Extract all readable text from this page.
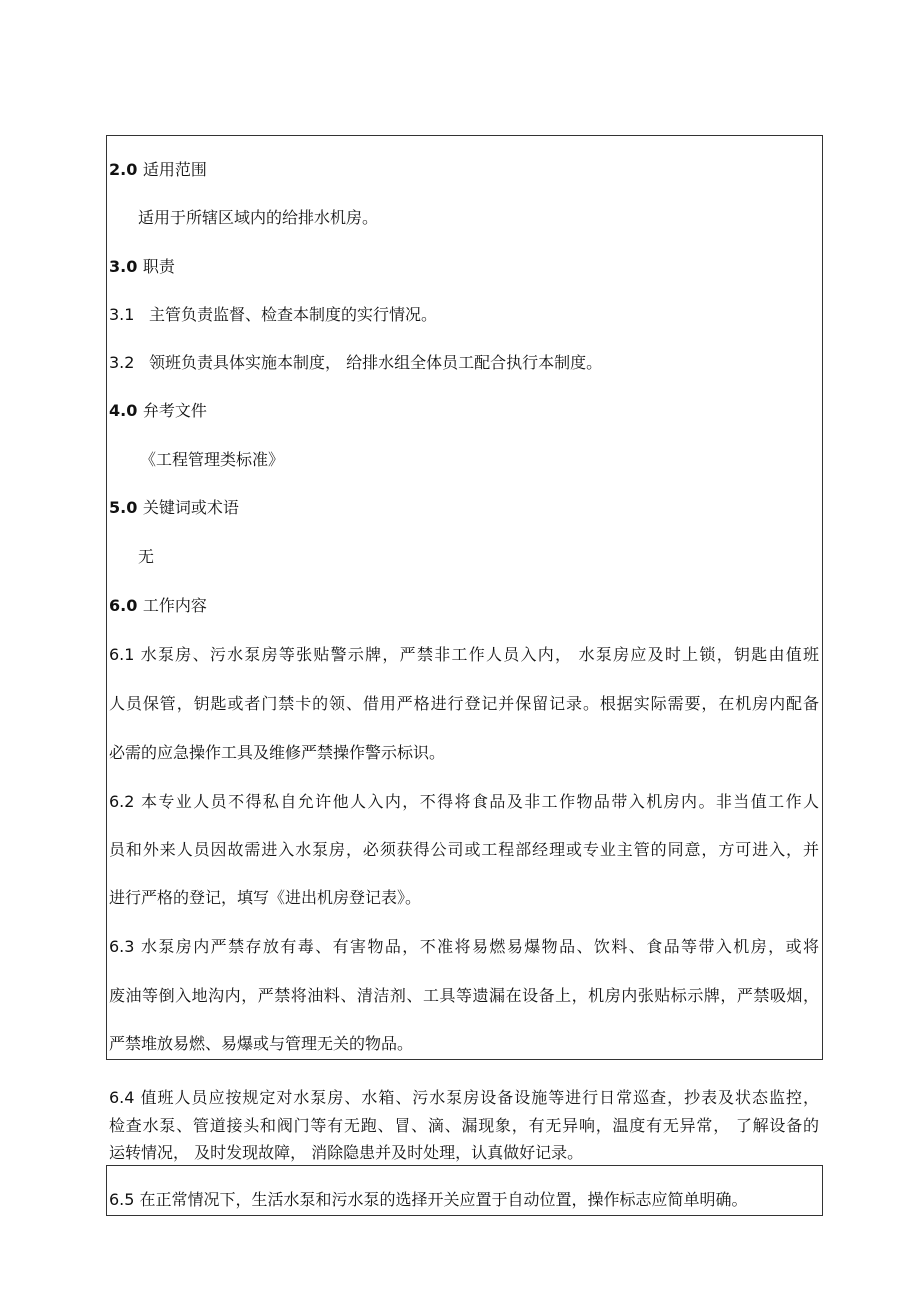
2.0 适用范围
适用于所辖区域内的给排水机房。
3.0 职责
3.1 主管负责监督、检查本制度的实行情况。
3.2 领班负责具体实施本制度， 给排水组全体员工配合执行本制度。
4.0 弁考文件
《工程管理类标准》
5.0 关键词或术语
无
6.0 工作内容
6.1 水泵房、污水泵房等张贴警示牌，严禁非工作人员入内， 水泵房应及时上锁，钥匙由值班
人员保管，钥匙或者门禁卡的领、借用严格进行登记并保留记录。根据实际需要，在机房内配备
必需的应急操作工具及维修严禁操作警示标识。
6.2 本专业人员不得私自允许他人入内，不得将食品及非工作物品带入机房内。非当值工作人
员和外来人员因故需进入水泵房，必须获得公司或工程部经理或专业主管的同意，方可进入，并
进行严格的登记，填写《进出机房登记表》。
6.3 水泵房内严禁存放有毒、有害物品，不准将易燃易爆物品、饮料、食品等带入机房，或将
废油等倒入地沟内，严禁将油料、清洁剂、工具等遗漏在设备上，机房内张贴标示牌，严禁吸烟，
严禁堆放易燃、易爆或与管理无关的物品。
6.4 值班人员应按规定对水泵房、水箱、污水泵房设备设施等进行日常巡查，抄表及状态监控，
检查水泵、管道接头和阀门等有无跑、冒、滴、漏现象，有无异响，温度有无异常， 了解设备的
运转情况， 及时发现故障， 消除隐患并及时处理，认真做好记录。
6.5 在正常情况下，生活水泵和污水泵的选择开关应置于自动位置，操作标志应简单明确。
